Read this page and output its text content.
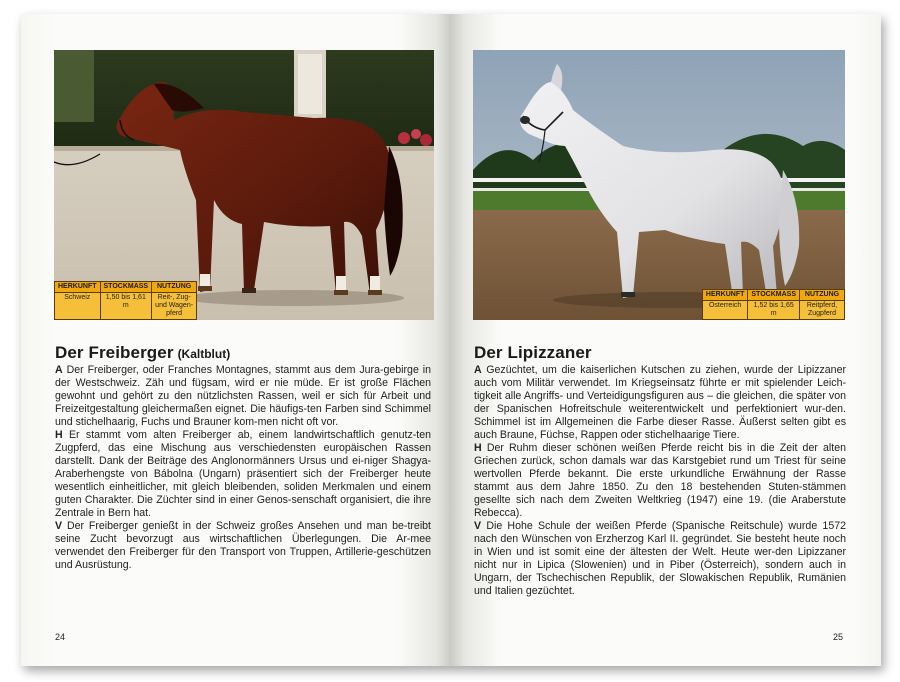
HERKUNFT	STOCKMASS	NUTZUNG
Schweiz	1,50 bis 1,61 m	Reit-, Zug- und Wagen-pferd
Der Freiberger (Kaltblut)

A Der Freiberger, oder Franches Montagnes, stammt aus dem Jura-gebirge in der Westschweiz. Zäh und fügsam, wird er nie müde. Er ist große Flächen gewohnt und gehört zu den nützlichsten Rassen, weil er sich für Arbeit und Freizeitgestaltung gleichermaßen eignet. Die häufigs-ten Farben sind Schimmel und stichelhaarig, Fuchs und Brauner kom-men nicht oft vor.

H Er stammt vom alten Freiberger ab, einem landwirtschaftlich genutz-ten Zugpferd, das eine Mischung aus verschiedensten europäischen Rassen darstellt. Dank der Beiträge des Anglonormänners Ursus und ei-niger Shagya-Araberhengste von Bábolna (Ungarn) präsentiert sich der Freiberger heute wesentlich einheitlicher, mit gleich bleibenden, soliden Merkmalen und einem guten Charakter. Die Züchter sind in einer Genos-senschaft organisiert, die ihre Zentrale in Bern hat.

V Der Freiberger genießt in der Schweiz großes Ansehen und man be-treibt seine Zucht bevorzugt aus wirtschaftlichen Überlegungen. Die Ar-mee verwendet den Freiberger für den Transport von Truppen, Artillerie-geschützen und Ausrüstung.

24
HERKUNFT	STOCKMASS	NUTZUNG
Österreich	1,52 bis 1,65 m	Reitpferd, Zugpferd
Der Lipizzaner

A Gezüchtet, um die kaiserlichen Kutschen zu ziehen, wurde der Lipizzaner auch vom Militär verwendet. Im Kriegseinsatz führte er mit spielender Leich-tigkeit alle Angriffs- und Verteidigungsfiguren aus – die gleichen, die später von der Spanischen Hofreitschule weiterentwickelt und perfektioniert wur-den. Schimmel ist im Allgemeinen die Farbe dieser Rasse. Äußerst selten gibt es auch Braune, Füchse, Rappen oder stichelhaarige Tiere.

H Der Ruhm dieser schönen weißen Pferde reicht bis in die Zeit der alten Griechen zurück, schon damals war das Karstgebiet rund um Triest für seine wertvollen Pferde bekannt. Die erste urkundliche Erwähnung der Rasse stammt aus dem Jahre 1850. Zu den 18 bestehenden Stuten-stämmen gesellte sich nach dem Zweiten Weltkrieg (1947) eine 19. (die Araberstute Rebecca).

V Die Hohe Schule der weißen Pferde (Spanische Reitschule) wurde 1572 nach den Wünschen von Erzherzog Karl II. gegründet. Sie besteht heute noch in Wien und ist somit eine der ältesten der Welt. Heute wer-den Lipizzaner nicht nur in Lipica (Slowenien) und in Piber (Österreich), sondern auch in Ungarn, der Tschechischen Republik, der Slowakischen Republik, Rumänien und Italien gezüchtet.

25
